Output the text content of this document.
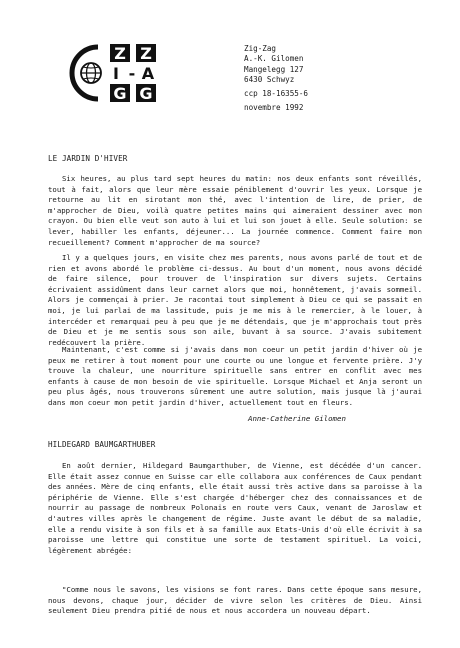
Z Z
I - A
G G
Zig-Zag
A.-K. Gilomen
Mangelegg 127
6430 Schwyz
ccp 18-16355-6
novembre 1992
LE JARDIN D'HIVER

Six heures, au plus tard sept heures du matin: nos deux enfants sont réveillés, tout à fait, alors que leur mère essaie péniblement d'ouvrir les yeux. Lorsque je retourne au lit en sirotant mon thé, avec l'intention de lire, de prier, de m'approcher de Dieu, voilà quatre petites mains qui aimeraient dessiner avec mon crayon. Ou bien elle veut son auto à lui et lui son jouet à elle. Seule solution: se lever, habiller les enfants, déjeuner... La journée commence. Comment faire mon recueillement? Comment m'approcher de ma source?

Il y a quelques jours, en visite chez mes parents, nous avons parlé de tout et de rien et avons abordé le problème ci-dessus. Au bout d'un moment, nous avons décidé de faire silence, pour trouver de l'inspiration sur divers sujets. Certains écrivaient assidûment dans leur carnet alors que moi, honnêtement, j'avais sommeil. Alors je commençai à prier. Je racontai tout simplement à Dieu ce qui se passait en moi, je lui parlai de ma lassitude, puis je me mis à le remercier, à le louer, à intercéder et remarquai peu à peu que je me détendais, que je m'approchais tout près de Dieu et je me sentis sous son aile, buvant à sa source. J'avais subitement redécouvert la prière.

Maintenant, c'est comme si j'avais dans mon coeur un petit jardin d'hiver où je peux me retirer à tout moment pour une courte ou une longue et fervente prière. J'y trouve la chaleur, une nourriture spirituelle sans entrer en conflit avec mes enfants à cause de mon besoin de vie spirituelle. Lorsque Michael et Anja seront un peu plus âgés, nous trouverons sûrement une autre solution, mais jusque là j'aurai dans mon coeur mon petit jardin d'hiver, actuellement tout en fleurs.

Anne-Catherine Gilomen
HILDEGARD BAUMGARTHUBER

En août dernier, Hildegard Baumgarthuber, de Vienne, est décédée d'un cancer. Elle était assez connue en Suisse car elle collabora aux conférences de Caux pendant des années. Mère de cinq enfants, elle était aussi très active dans sa paroisse à la périphérie de Vienne. Elle s'est chargée d'héberger chez des connaissances et de nourrir au passage de nombreux Polonais en route vers Caux, venant de Jaroslaw et d'autres villes après le changement de régime. Juste avant le début de sa maladie, elle a rendu visite à son fils et à sa famille aux Etats-Unis d'où elle écrivit à sa paroisse une lettre qui constitue une sorte de testament spirituel. La voici, légèrement abrégée:

"Comme nous le savons, les visions se font rares. Dans cette époque sans mesure, nous devons, chaque jour, décider de vivre selon les critères de Dieu. Ainsi seulement Dieu prendra pitié de nous et nous accordera un nouveau départ.
